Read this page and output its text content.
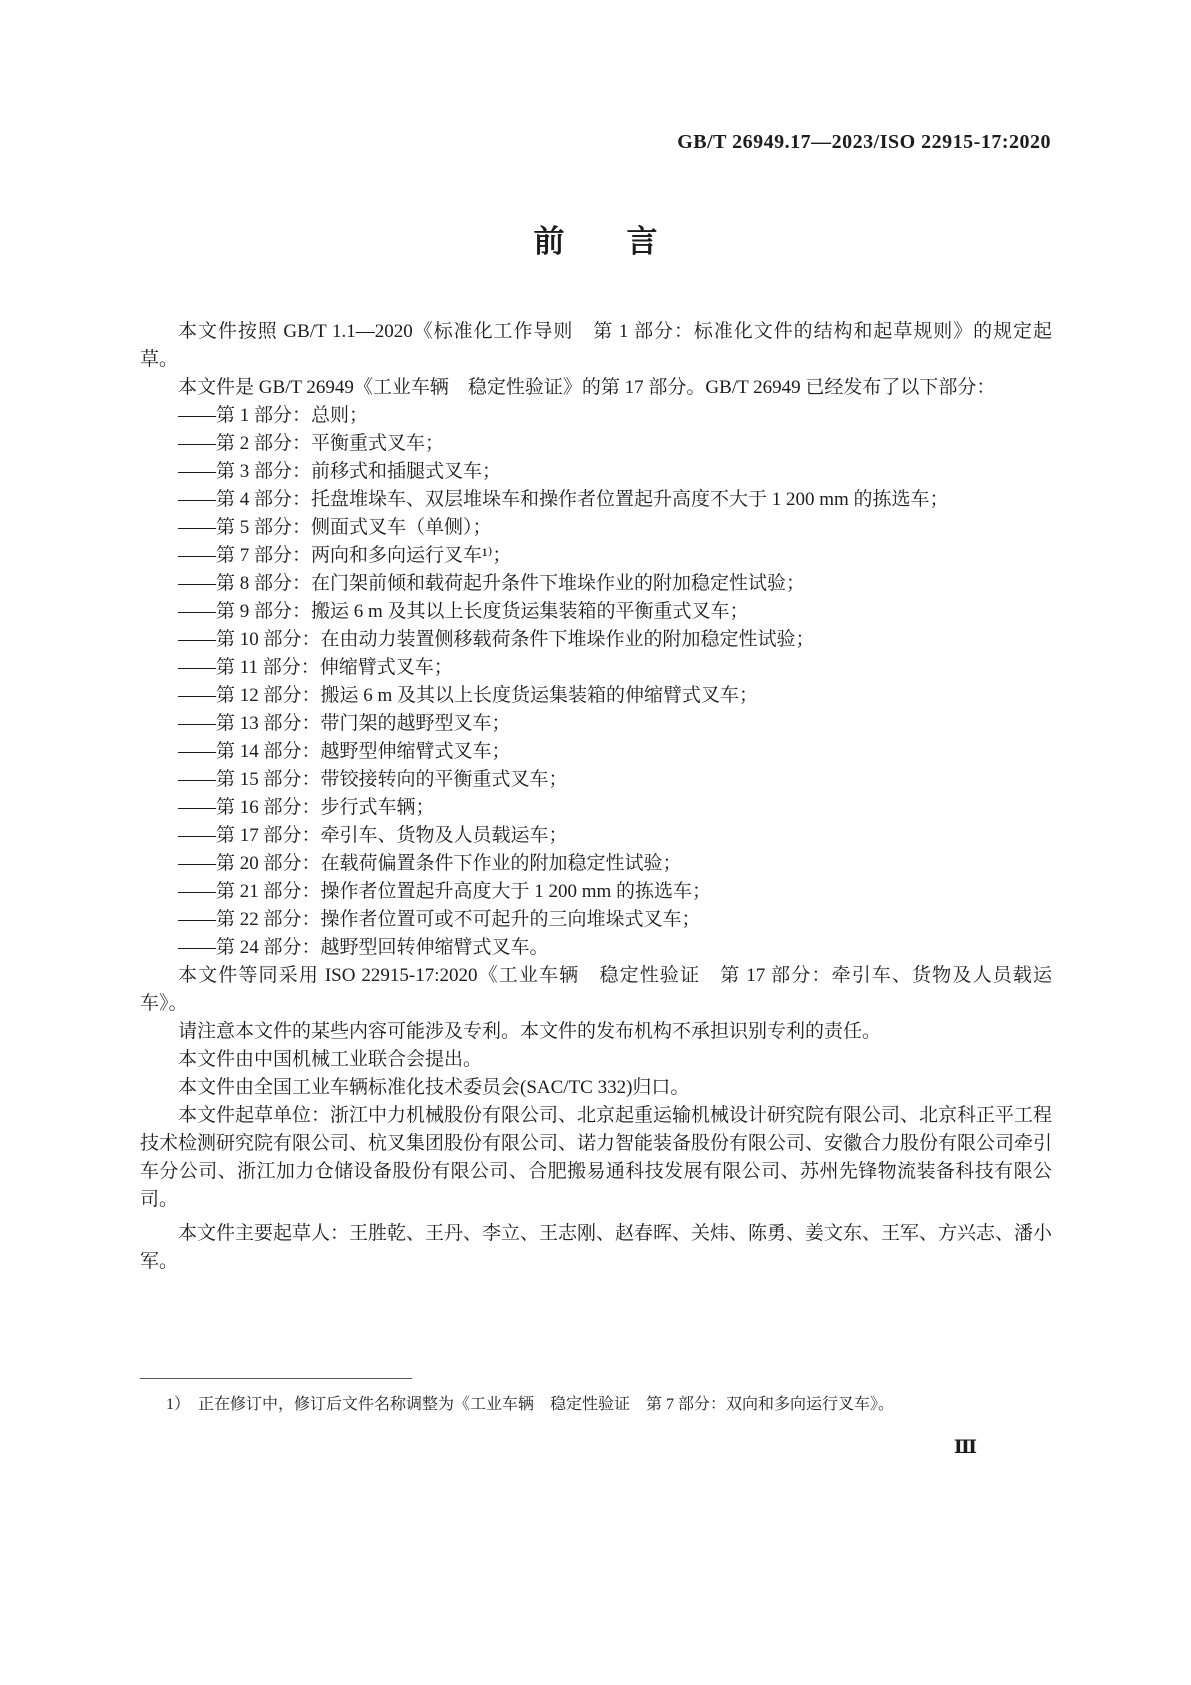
GB/T 26949.17—2023/ISO 22915-17:2020
前　　言

本文件按照 GB/T 1.1—2020《标准化工作导则　第 1 部分：标准化文件的结构和起草规则》的规定起草。

本文件是 GB/T 26949《工业车辆　稳定性验证》的第 17 部分。GB/T 26949 已经发布了以下部分：

——第 1 部分：总则；

——第 2 部分：平衡重式叉车；

——第 3 部分：前移式和插腿式叉车；

——第 4 部分：托盘堆垛车、双层堆垛车和操作者位置起升高度不大于 1 200 mm 的拣选车；

——第 5 部分：侧面式叉车（单侧）；

——第 7 部分：两向和多向运行叉车¹⁾；

——第 8 部分：在门架前倾和载荷起升条件下堆垛作业的附加稳定性试验；

——第 9 部分：搬运 6 m 及其以上长度货运集装箱的平衡重式叉车；

——第 10 部分：在由动力装置侧移载荷条件下堆垛作业的附加稳定性试验；

——第 11 部分：伸缩臂式叉车；

——第 12 部分：搬运 6 m 及其以上长度货运集装箱的伸缩臂式叉车；

——第 13 部分：带门架的越野型叉车；

——第 14 部分：越野型伸缩臂式叉车；

——第 15 部分：带铰接转向的平衡重式叉车；

——第 16 部分：步行式车辆；

——第 17 部分：牵引车、货物及人员载运车；

——第 20 部分：在载荷偏置条件下作业的附加稳定性试验；

——第 21 部分：操作者位置起升高度大于 1 200 mm 的拣选车；

——第 22 部分：操作者位置可或不可起升的三向堆垛式叉车；

——第 24 部分：越野型回转伸缩臂式叉车。

本文件等同采用 ISO 22915-17:2020《工业车辆　稳定性验证　第 17 部分：牵引车、货物及人员载运车》。

请注意本文件的某些内容可能涉及专利。本文件的发布机构不承担识别专利的责任。

本文件由中国机械工业联合会提出。

本文件由全国工业车辆标准化技术委员会(SAC/TC 332)归口。

本文件起草单位：浙江中力机械股份有限公司、北京起重运输机械设计研究院有限公司、北京科正平工程技术检测研究院有限公司、杭叉集团股份有限公司、诺力智能装备股份有限公司、安徽合力股份有限公司牵引车分公司、浙江加力仓储设备股份有限公司、合肥搬易通科技发展有限公司、苏州先锋物流装备科技有限公司。

本文件主要起草人：王胜乾、王丹、李立、王志刚、赵春晖、关炜、陈勇、姜文东、王军、方兴志、潘小军。

1）　正在修订中，修订后文件名称调整为《工业车辆　稳定性验证　第 7 部分：双向和多向运行叉车》。

Ⅲ
